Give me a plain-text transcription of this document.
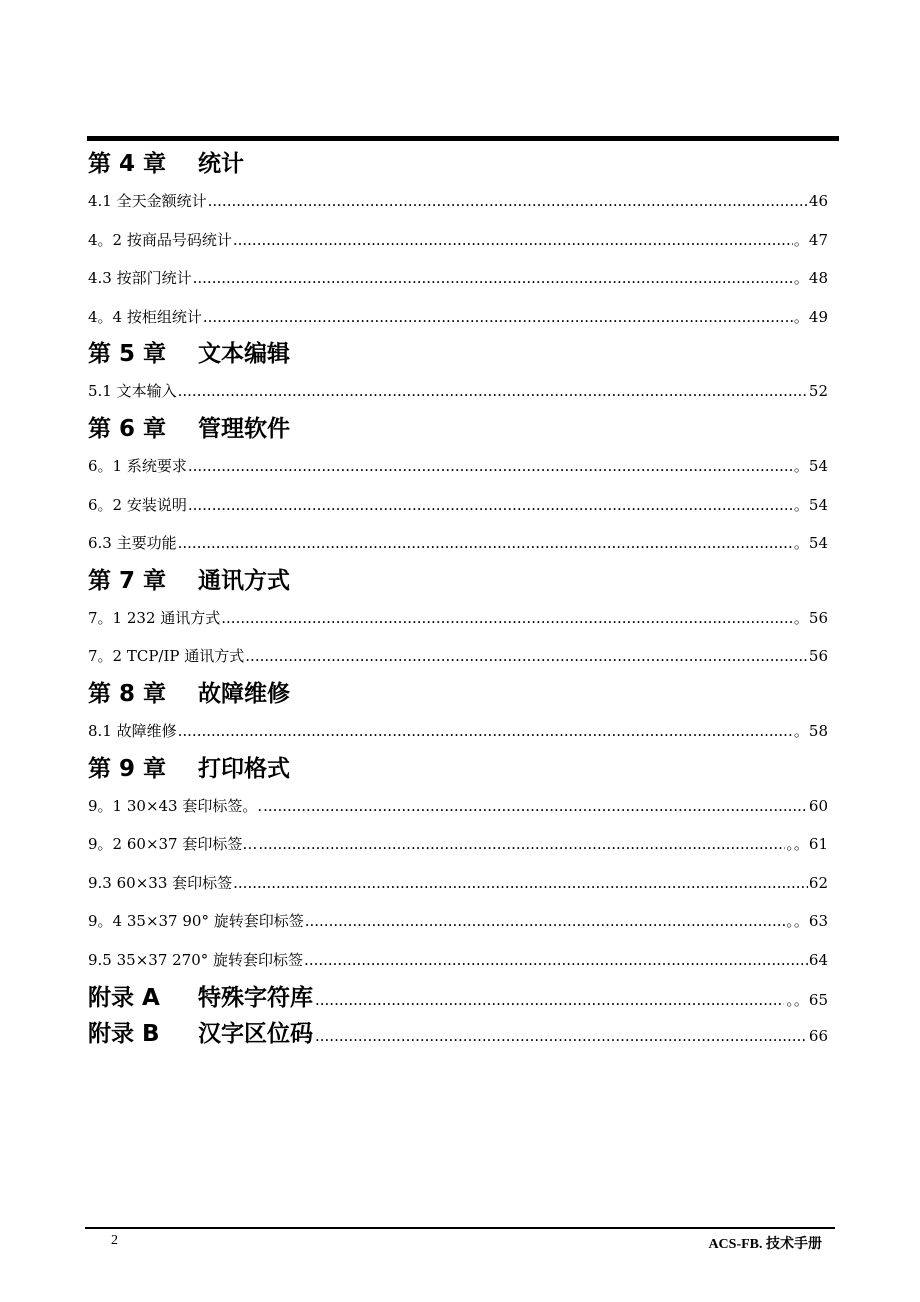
第 4 章	统计
4.1 全天金额统计 .....	46
4。2 按商品号码统计 .....	。47
4.3 按部门统计 .....	。48
4。4 按柜组统计 .....	。49
第 5 章	文本编辑
5.1 文本输入 .....	52
第 6 章	管理软件
6。1 系统要求 .....	。54
6。2 安装说明 .....	。54
6.3 主要功能 .....	。54
第 7 章	通讯方式
7。1 232 通讯方式 .....	。56
7。2 TCP/IP 通讯方式 .....	56
第 8 章	故障维修
8.1 故障维修 .....	。58
第 9 章	打印格式
9。1 30×43 套印标签。. .....	60
9。2 60×37 套印标签… .....	。。61
9.3 60×33 套印标签 .....	62
9。4 35×37 90° 旋转套印标签 .....	。。63
9.5 35×37 270° 旋转套印标签 .....	64
附录 A	特殊字符库 .....	。。65
附录 B	汉字区位码 .....	66
2	ACS-FB. 技术手册
